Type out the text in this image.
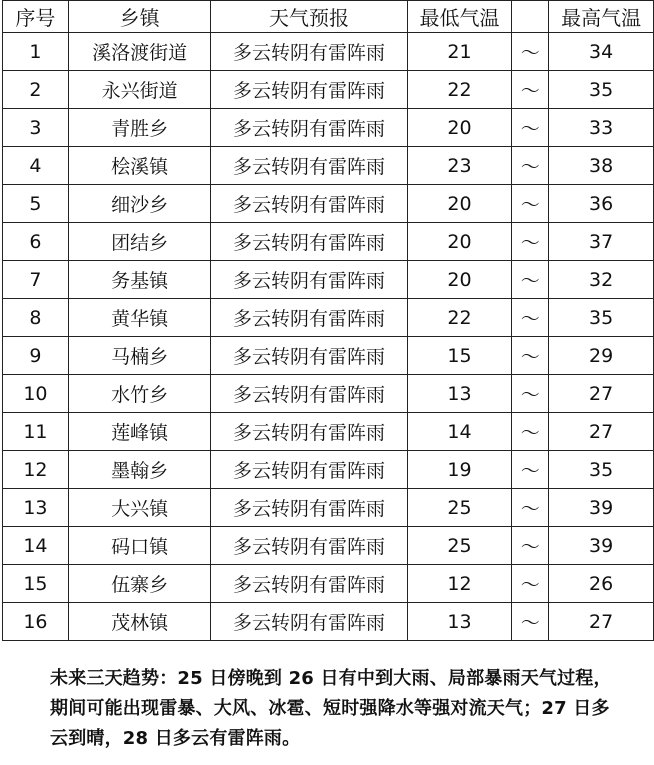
序号	乡镇	天气预报	最低气温		最高气温
1	溪洛渡街道	多云转阴有雷阵雨	21	～	34
2	永兴街道	多云转阴有雷阵雨	22	～	35
3	青胜乡	多云转阴有雷阵雨	20	～	33
4	桧溪镇	多云转阴有雷阵雨	23	～	38
5	细沙乡	多云转阴有雷阵雨	20	～	36
6	团结乡	多云转阴有雷阵雨	20	～	37
7	务基镇	多云转阴有雷阵雨	20	～	32
8	黄华镇	多云转阴有雷阵雨	22	～	35
9	马楠乡	多云转阴有雷阵雨	15	～	29
10	水竹乡	多云转阴有雷阵雨	13	～	27
11	莲峰镇	多云转阴有雷阵雨	14	～	27
12	墨翰乡	多云转阴有雷阵雨	19	～	35
13	大兴镇	多云转阴有雷阵雨	25	～	39
14	码口镇	多云转阴有雷阵雨	25	～	39
15	伍寨乡	多云转阴有雷阵雨	12	～	26
16	茂林镇	多云转阴有雷阵雨	13	～	27
未来三天趋势：25 日傍晚到 26 日有中到大雨、局部暴雨天气过程，期间可能出现雷暴、大风、冰雹、短时强降水等强对流天气；27 日多云到晴，28 日多云有雷阵雨。
